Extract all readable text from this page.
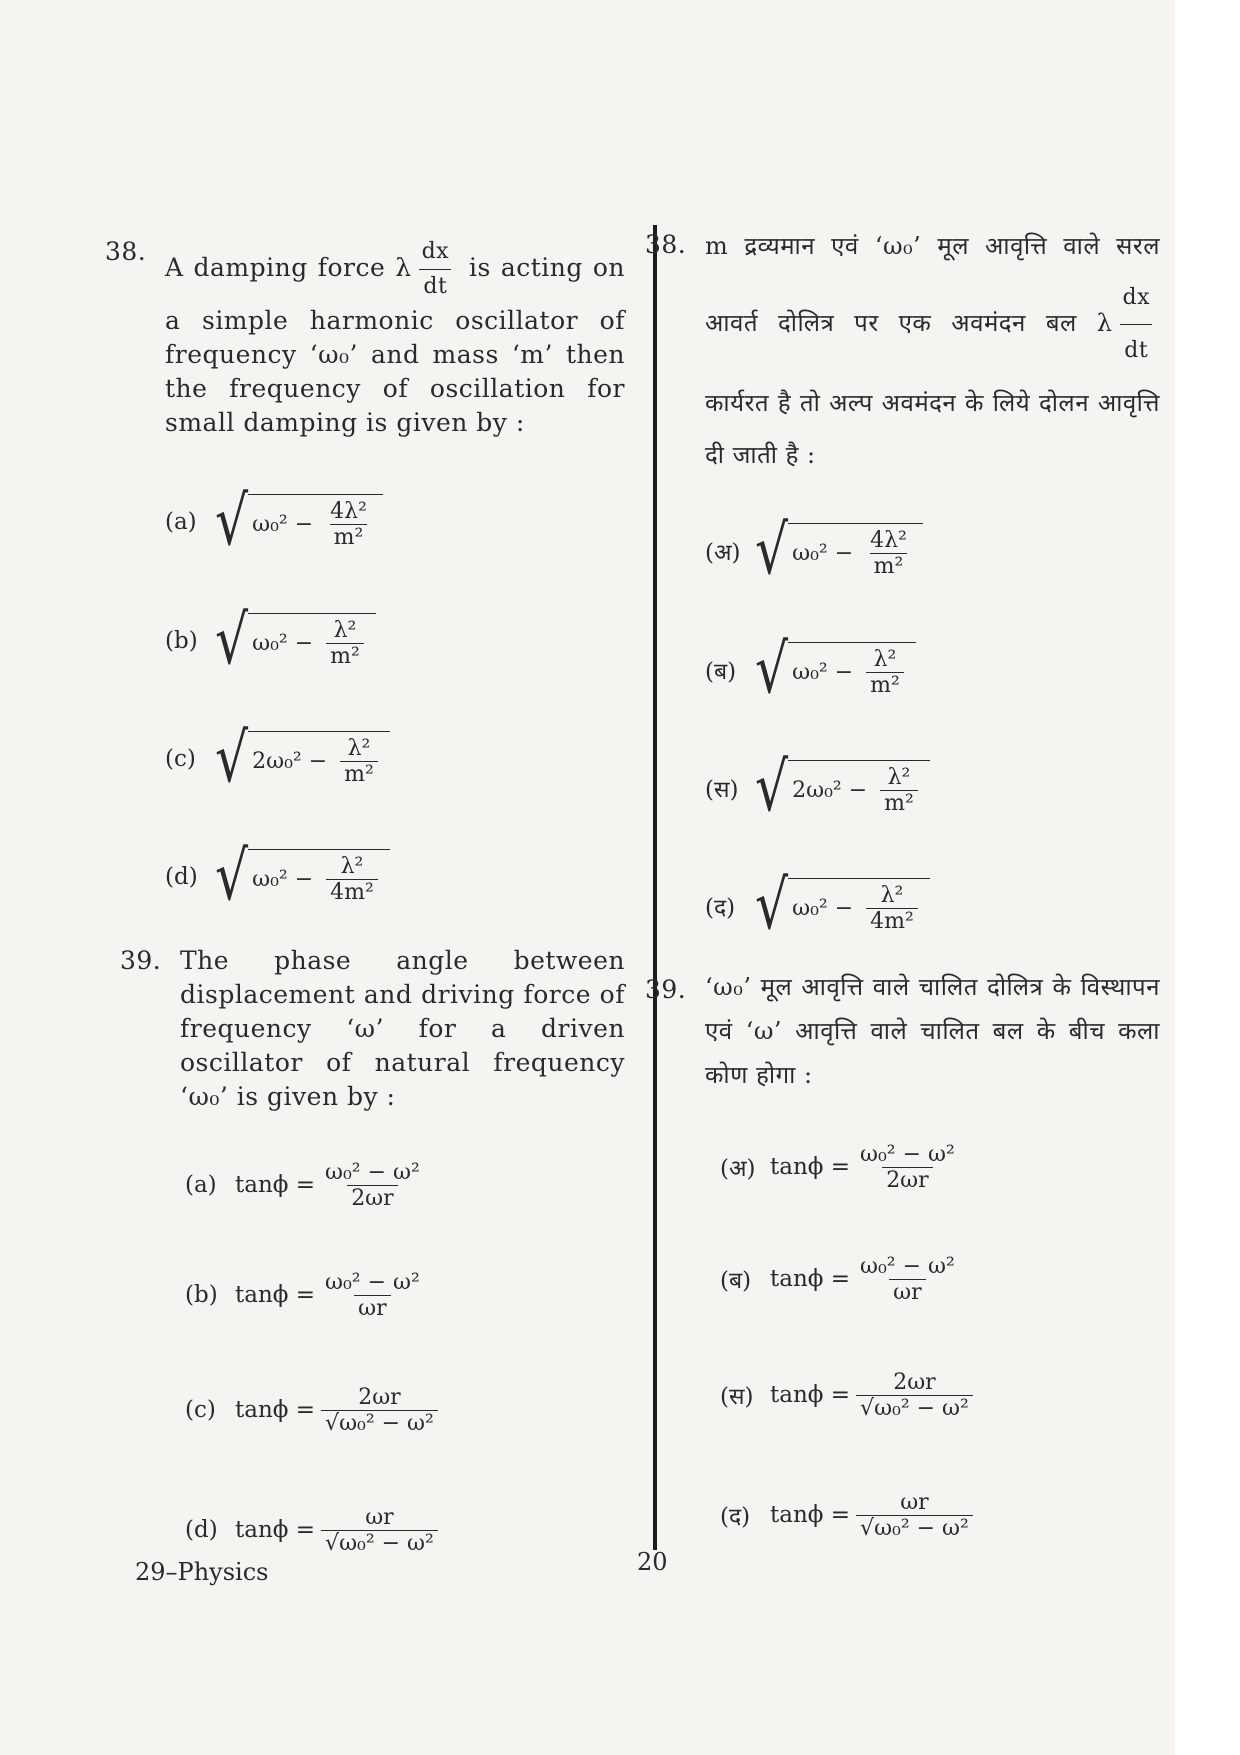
38.
A damping force λ $\frac{dx}{dt}$ is acting on a simple harmonic oscillator of frequency ‘ω₀’ and mass ‘m’ then the frequency of oscillation for small damping is given by :
(a) √ $\omega_0^2 - \frac{\text{4λ²}}{\text{m²}}$
(b) √ $\omega_0^2 - \frac{\text{λ²}}{\text{m²}}$
(c) √ $2\omega_0^2 - \frac{\text{λ²}}{\text{m²}}$
(d) √ $\omega_0^2 - \frac{\text{λ²}}{\text{4m²}}$
39. The phase angle between displacement and driving force of frequency ‘ω’ for a driven oscillator of natural frequency ‘ω₀’ is given by :
(a) $\tan\phi = \frac{\text{ω₀² − ω²}}{2\omega r}$
(b) $\tan\phi = \frac{\text{ω₀² − ω²}}{\omega r}$
(c) $\tan\phi = \frac{2\omega r}{\text{√ω₀² − ω²}}$
(d) $\tan\phi = \frac{\omega r}{\text{√ω₀² − ω²}}$
38. m द्रव्यमान एवं ‘ω₀’ मूल आवृत्ति वाले सरल आवर्त दोलित्र पर एक अवमंदन बल λ $\frac{dx}{dt}$
कार्यरत है तो अल्प अवमंदन के लिये दोलन आवृत्ति दी जाती है :
(अ) √ $\omega_0^2 - \frac{\text{4λ²}}{\text{m²}}$
(ब) √ $\omega_0^2 - \frac{\text{λ²}}{\text{m²}}$
(स) √ $2\omega_0^2 - \frac{\text{λ²}}{\text{m²}}$
(द) √ $\omega_0^2 - \frac{\text{λ²}}{\text{4m²}}$
39. ‘ω₀’ मूल आवृत्ति वाले चालित दोलित्र के विस्थापन एवं ‘ω’ आवृत्ति वाले चालित बल के बीच कला कोण होगा :
(अ) $\tan\phi = \frac{\text{ω₀² − ω²}}{2\omega r}$
(ब) $\tan\phi = \frac{\text{ω₀² − ω²}}{\omega r}$
(स) $\tan\phi = \frac{2\omega r}{\text{√ω₀² − ω²}}$
(द) $\tan\phi = \frac{\omega r}{\text{√ω₀² − ω²}}$
29–Physics	20
